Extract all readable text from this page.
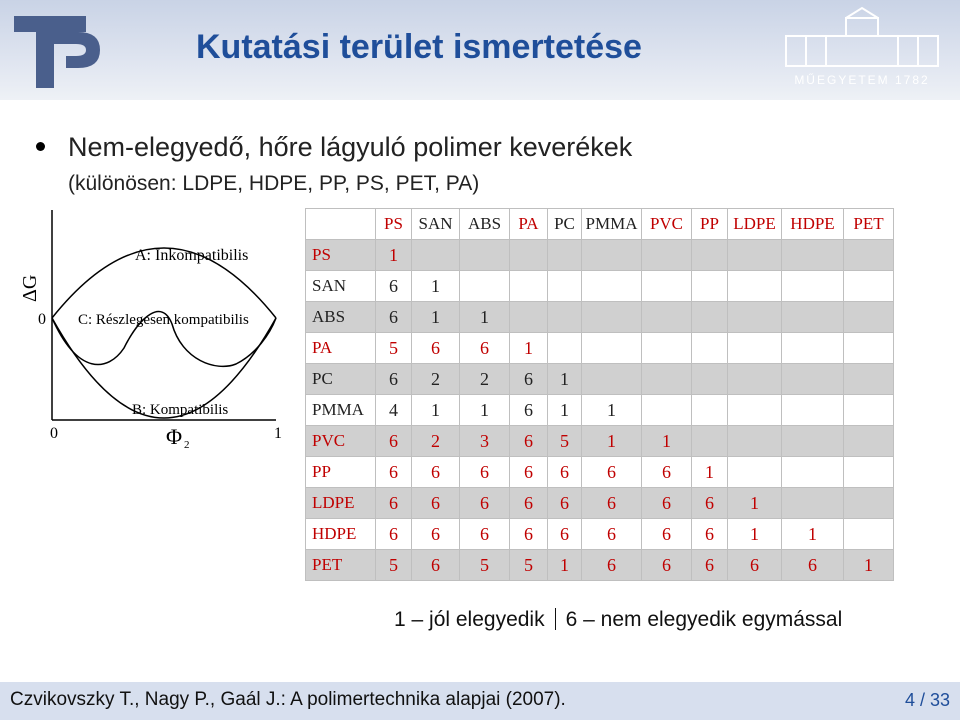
Kutatási terület ismertetése
MŰEGYETEM 1782
Nem-elegyedő, hőre lágyuló polimer keverékek
(különösen: LDPE, HDPE, PP, PS, PET, PA)
ΔG
0
0	1
Φ 2
A: Inkompatibilis
C: Részlegesen kompatibilis
B: Kompatibilis
	PS	SAN	ABS	PA	PC	PMMA	PVC	PP	LDPE	HDPE	PET
PS	1										
SAN	6	1									
ABS	6	1	1								
PA	5	6	6	1							
PC	6	2	2	6	1						
PMMA	4	1	1	6	1	1					
PVC	6	2	3	6	5	1	1				
PP	6	6	6	6	6	6	6	1			
LDPE	6	6	6	6	6	6	6	6	1		
HDPE	6	6	6	6	6	6	6	6	1	1	
PET	5	6	5	5	1	6	6	6	6	6	1
1 – jól elegyedik 6 – nem elegyedik egymással
Czvikovszky T., Nagy P., Gaál J.: A polimertechnika alapjai (2007).	4 / 33
